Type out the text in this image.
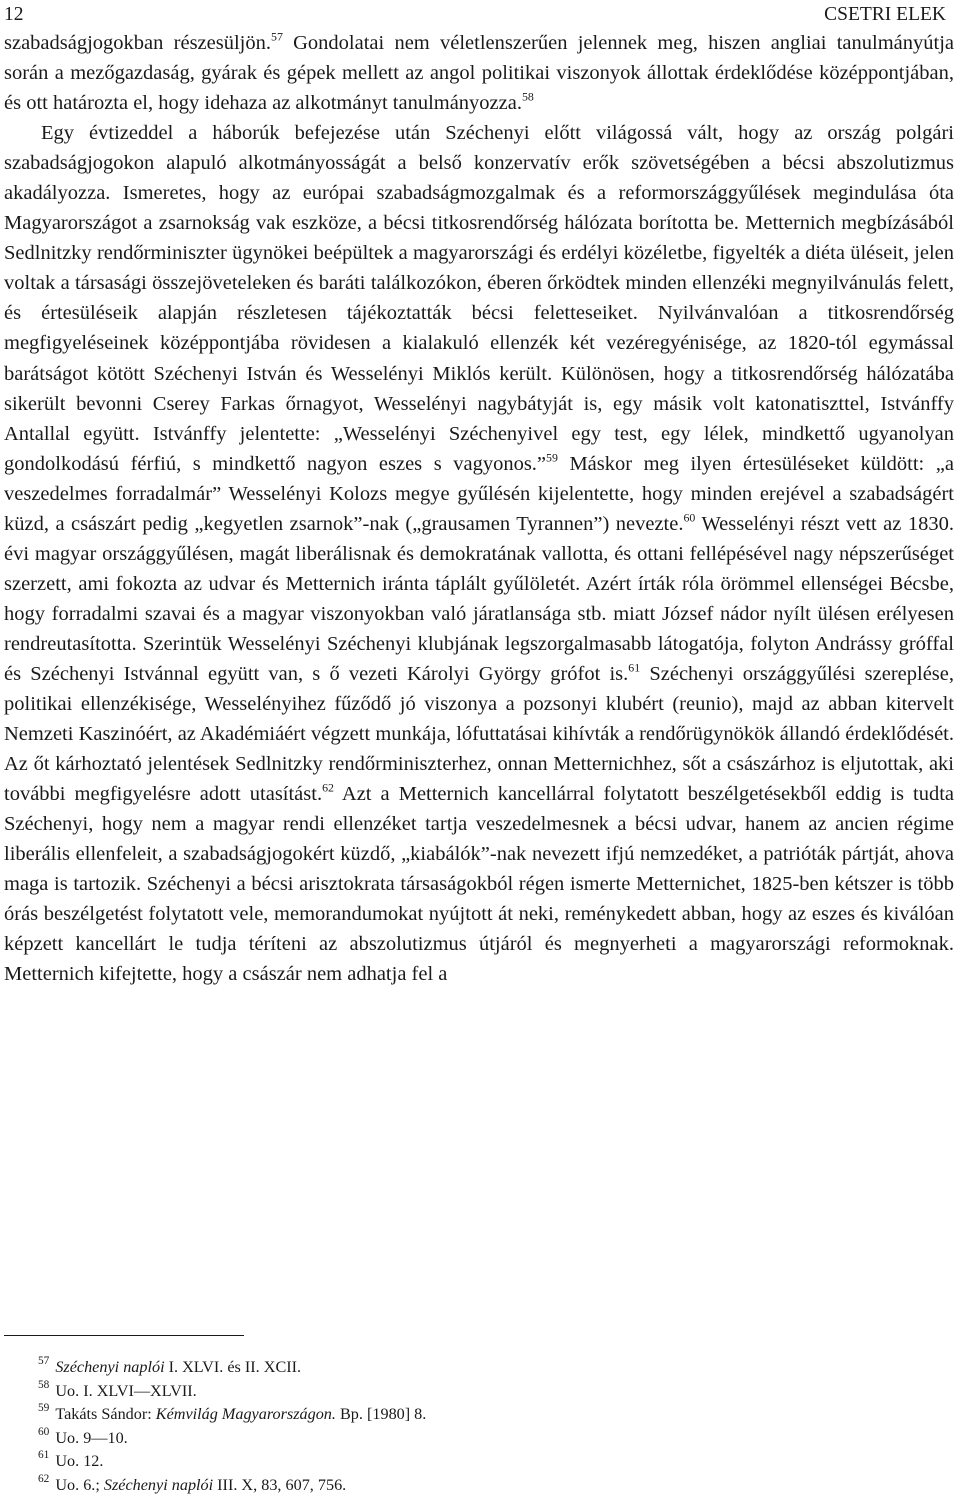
12	CSETRI ELEK

szabadságjogokban részesüljön.$^{57}$ Gondolatai nem véletlenszerűen jelennek meg, hiszen angliai tanulmányútja során a mezőgazdaság, gyárak és gépek mellett az angol politikai viszonyok állottak érdeklődése középpontjában, és ott határozta el, hogy idehaza az alkotmányt tanulmányozza.$^{58}$

Egy évtizeddel a háborúk befejezése után Széchenyi előtt világossá vált, hogy az ország polgári szabadságjogokon alapuló alkotmányosságát a belső konzervatív erők szövetségében a bécsi abszolutizmus akadályozza. Ismeretes, hogy az európai szabadságmozgalmak és a reformországgyűlések megindulása óta Magyarországot a zsarnokság vak eszköze, a bécsi titkosrendőrség hálózata borította be. Metternich megbízásából Sedlnitzky rendőrminiszter ügynökei beépültek a magyarországi és erdélyi közéletbe, figyelték a diéta üléseit, jelen voltak a társasági összejöveteleken és baráti találkozókon, éberen őrködtek minden ellenzéki megnyilvánulás felett, és értesüléseik alapján részletesen tájékoztatták bécsi feletteseiket. Nyilvánvalóan a titkosrendőrség megfigyeléseinek középpontjába rövidesen a kialakuló ellenzék két vezéregyénisége, az 1820-tól egymással barátságot kötött Széchenyi István és Wesselényi Miklós került. Különösen, hogy a titkosrendőrség hálózatába sikerült bevonni Cserey Farkas őrnagyot, Wesselényi nagybátyját is, egy másik volt katonatiszttel, Istvánffy Antallal együtt. Istvánffy jelentette: „Wesselényi Széchenyivel egy test, egy lélek, mindkettő ugyanolyan gondolkodású férfiú, s mindkettő nagyon eszes s vagyonos.”$^{59}$ Máskor meg ilyen értesüléseket küldött: „a veszedelmes forradalmár” Wesselényi Kolozs megye gyűlésén kijelentette, hogy minden erejével a szabadságért küzd, a császárt pedig „kegyetlen zsarnok”-nak („grausamen Tyrannen”) nevezte.$^{60}$ Wesselényi részt vett az 1830. évi magyar országgyűlésen, magát liberálisnak és demokratának vallotta, és ottani fellépésével nagy népszerűséget szerzett, ami fokozta az udvar és Metternich iránta táplált gyűlöletét. Azért írták róla örömmel ellenségei Bécsbe, hogy forradalmi szavai és a magyar viszonyokban való járatlansága stb. miatt József nádor nyílt ülésen erélyesen rendreutasította. Szerintük Wesselényi Széchenyi klubjának legszorgalmasabb látogatója, folyton Andrássy gróffal és Széchenyi Istvánnal együtt van, s ő vezeti Károlyi György grófot is.$^{61}$ Széchenyi országgyűlési szereplése, politikai ellenzékisége, Wesselényihez fűződő jó viszonya a pozsonyi klubért (reunio), majd az abban kitervelt Nemzeti Kaszinóért, az Akadémiáért végzett munkája, lófuttatásai kihívták a rendőrügynökök állandó érdeklődését. Az őt kárhoztató jelentések Sedlnitzky rendőrminiszterhez, onnan Metternichhez, sőt a császárhoz is eljutottak, aki további megfigyelésre adott utasítást.$^{62}$ Azt a Metternich kancellárral folytatott beszélgetésekből eddig is tudta Széchenyi, hogy nem a magyar rendi ellenzéket tartja veszedelmesnek a bécsi udvar, hanem az ancien régime liberális ellenfeleit, a szabadságjogokért küzdő, „kiabálók”-nak nevezett ifjú nemzedéket, a patrióták pártját, ahova maga is tartozik. Széchenyi a bécsi arisztokrata társaságokból régen ismerte Metternichet, 1825-ben kétszer is több órás beszélgetést folytatott vele, memorandumokat nyújtott át neki, reménykedett abban, hogy az eszes és kiválóan képzett kancellárt le tudja téríteni az abszolutizmus útjáról és megnyerheti a magyarországi reformoknak. Metternich kifejtette, hogy a császár nem adhatja fel a

$^{57}$ Széchenyi naplói I. XLVI. és II. XCII.
$^{58}$ Uo. I. XLVI—XLVII.
$^{59}$ Takáts Sándor: Kémvilág Magyarországon. Bp. [1980] 8.
$^{60}$ Uo. 9—10.
$^{61}$ Uo. 12.
$^{62}$ Uo. 6.; Széchenyi naplói III. X, 83, 607, 756.
